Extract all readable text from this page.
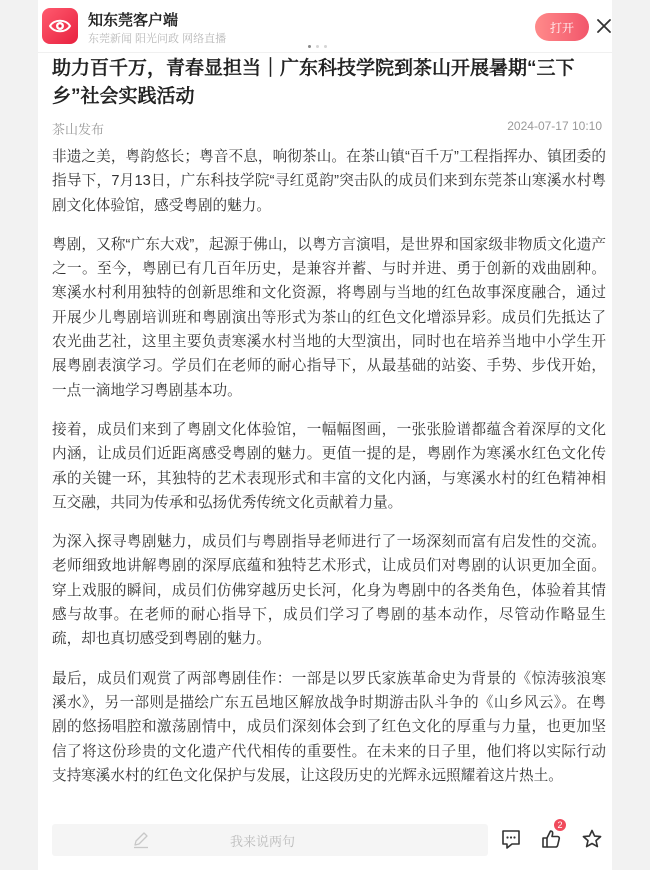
知东莞客户端
东莞新闻 阳光问政 网络直播
打开
助力百千万，青春显担当｜广东科技学院到茶山开展暑期“三下乡”社会实践活动
茶山发布	2024-07-17 10:10

非遗之美，粤韵悠长；粤音不息，响彻茶山。在茶山镇“百千万”工程指挥办、镇团委的指导下，7月13日，广东科技学院“寻红觅韵”突击队的成员们来到东莞茶山寒溪水村粤剧文化体验馆，感受粤剧的魅力。

粤剧，又称“广东大戏”，起源于佛山，以粤方言演唱，是世界和国家级非物质文化遗产之一。至今，粤剧已有几百年历史，是兼容并蓄、与时并进、勇于创新的戏曲剧种。寒溪水村利用独特的创新思维和文化资源，将粤剧与当地的红色故事深度融合，通过开展少儿粤剧培训班和粤剧演出等形式为茶山的红色文化增添异彩。成员们先抵达了农光曲艺社，这里主要负责寒溪水村当地的大型演出，同时也在培养当地中小学生开展粤剧表演学习。学员们在老师的耐心指导下，从最基础的站姿、手势、步伐开始，一点一滴地学习粤剧基本功。

接着，成员们来到了粤剧文化体验馆，一幅幅图画，一张张脸谱都蕴含着深厚的文化内涵，让成员们近距离感受粤剧的魅力。更值一提的是，粤剧作为寒溪水红色文化传承的关键一环，其独特的艺术表现形式和丰富的文化内涵，与寒溪水村的红色精神相互交融，共同为传承和弘扬优秀传统文化贡献着力量。

为深入探寻粤剧魅力，成员们与粤剧指导老师进行了一场深刻而富有启发性的交流。老师细致地讲解粤剧的深厚底蕴和独特艺术形式，让成员们对粤剧的认识更加全面。穿上戏服的瞬间，成员们仿佛穿越历史长河，化身为粤剧中的各类角色，体验着其情感与故事。在老师的耐心指导下，成员们学习了粤剧的基本动作，尽管动作略显生疏，却也真切感受到粤剧的魅力。

最后，成员们观赏了两部粤剧佳作：一部是以罗氏家族革命史为背景的《惊涛骇浪寒溪水》，另一部则是描绘广东五邑地区解放战争时期游击队斗争的《山乡风云》。在粤剧的悠扬唱腔和激荡剧情中，成员们深刻体会到了红色文化的厚重与力量，也更加坚信了将这份珍贵的文化遗产代代相传的重要性。在未来的日子里，他们将以实际行动支持寒溪水村的红色文化保护与发展，让这段历史的光辉永远照耀着这片热土。

我来说两句
2
